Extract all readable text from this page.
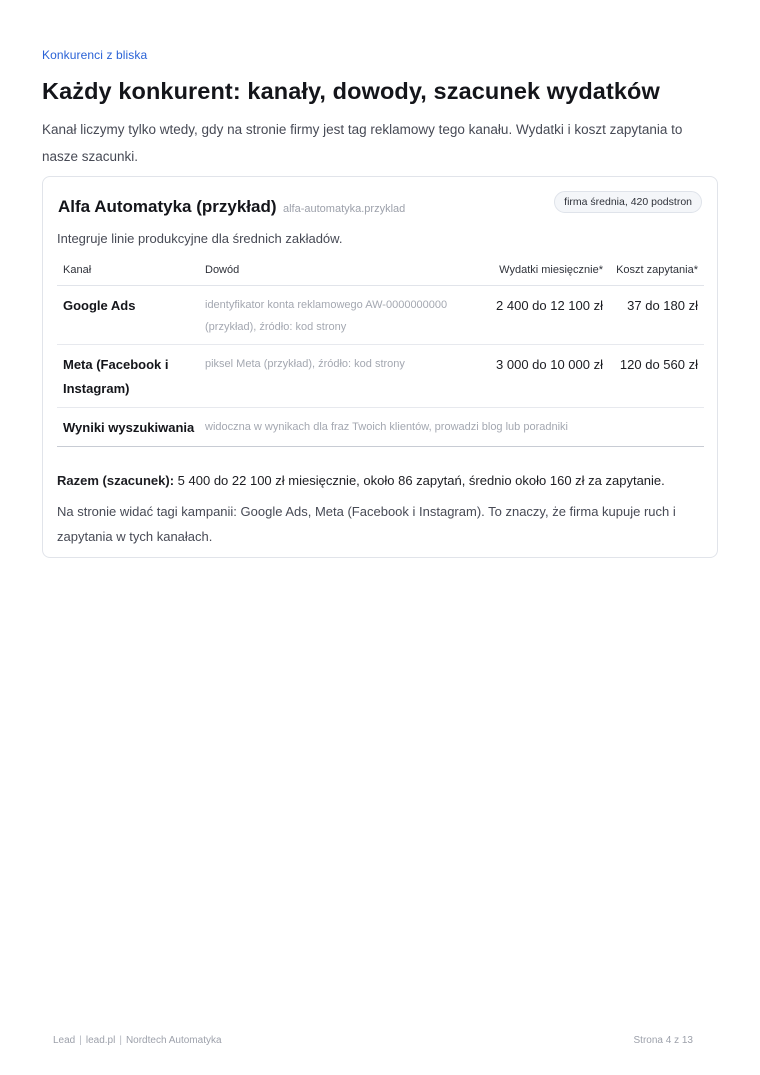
Konkurenci z bliska
Każdy konkurent: kanały, dowody, szacunek wydatków

Kanał liczymy tylko wtedy, gdy na stronie firmy jest tag reklamowy tego kanału. Wydatki i koszt zapytania to nasze szacunki.

Alfa Automatyka (przykład) alfa-automatyka.przyklad
firma średnia, 420 podstron
Integruje linie produkcyjne dla średnich zakładów.
Kanał	Dowód	Wydatki miesięcznie*	Koszt zapytania*
Google Ads	identyfikator konta reklamowego AW-0000000000 (przykład), źródło: kod strony	2 400 do 12 100 zł	37 do 180 zł
Meta (Facebook i Instagram)	piksel Meta (przykład), źródło: kod strony	3 000 do 10 000 zł	120 do 560 zł
Wyniki wyszukiwania	widoczna w wynikach dla fraz Twoich klientów, prowadzi blog lub poradniki		
Razem (szacunek): 5 400 do 22 100 zł miesięcznie, około 86 zapytań, średnio około 160 zł za zapytanie.

Na stronie widać tagi kampanii: Google Ads, Meta (Facebook i Instagram). To znaczy, że firma kupuje ruch i zapytania w tych kanałach.

Lead | lead.pl | Nordtech Automatyka	Strona 4 z 13
